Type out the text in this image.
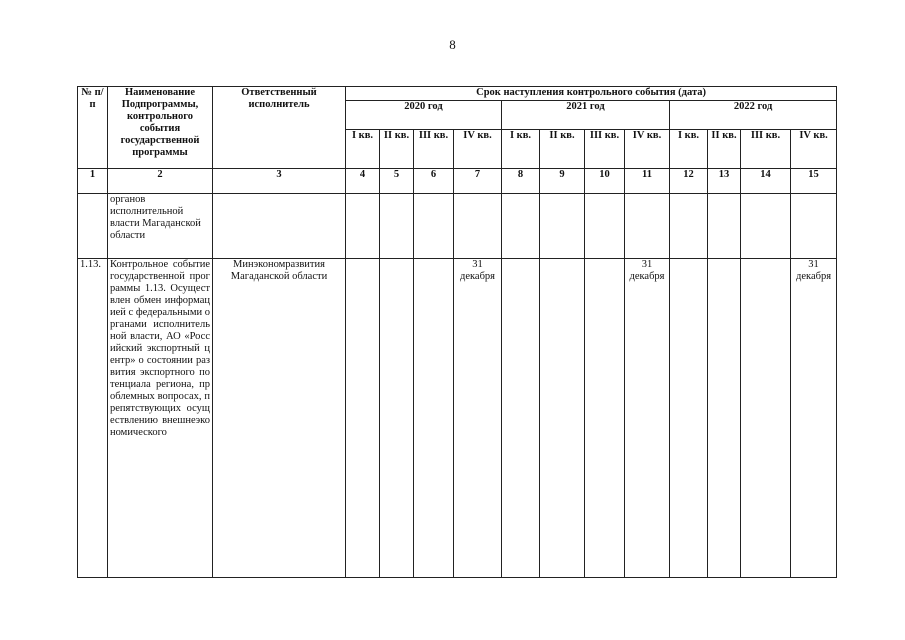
8
№ п/п	Наименование Подпрограммы, контрольного события государственной программы	Ответственный исполнитель	Срок наступления контрольного события (дата)											
			2020 год				2021 год				2022 год			
			I кв.	II кв.	III кв.	IV кв.	I кв.	II кв.	III кв.	IV кв.	I кв.	II кв.	III кв.	IV кв.
1	2	3	4	5	6	7	8	9	10	11	12	13	14	15
	органов исполнительной власти Магаданской области													
1.13.	Контрольное событие государственной программы 1.13. Осуществлен обмен информацией с федеральными органами исполнительной власти, АО «Российский экспортный центр» о состоянии развития экспортного потенциала региона, проблемных вопросах, препятствующих осуществлению внешнеэкономического	Минэкономразвития Магаданской области				31 декабря				31 декабря				31 декабря
